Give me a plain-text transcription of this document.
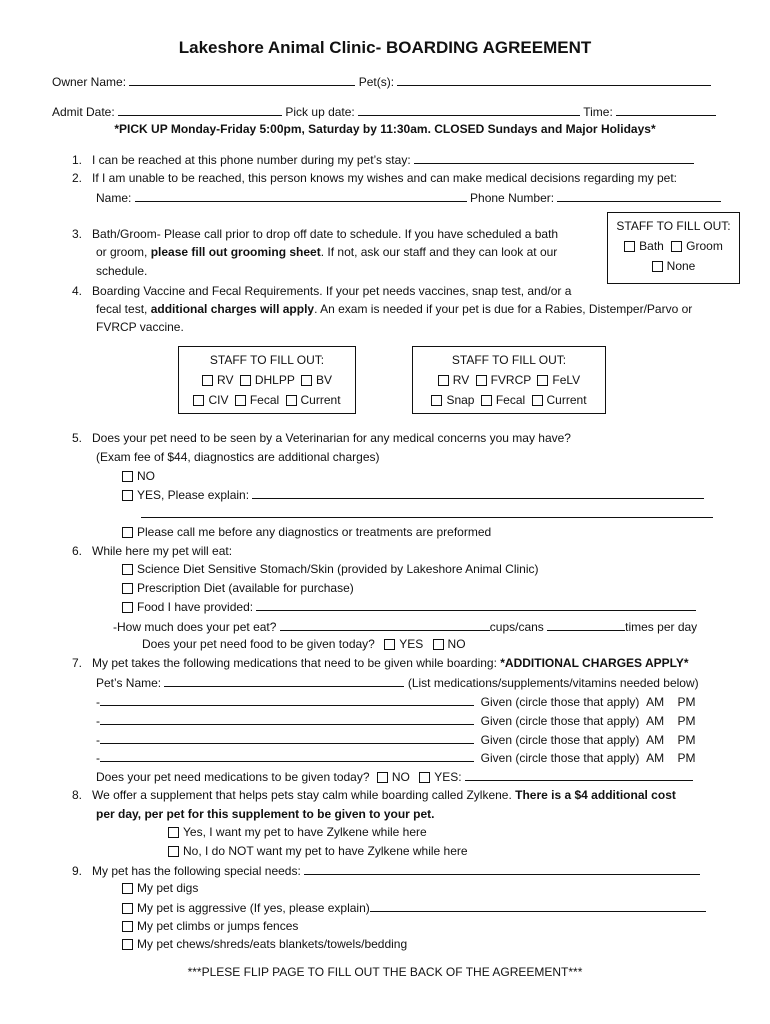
Lakeshore Animal Clinic- BOARDING AGREEMENT
Owner Name:	Pet(s):
Admit Date:	Pick up date:	Time:
*PICK UP Monday-Friday 5:00pm, Saturday by 11:30am. CLOSED Sundays and Major Holidays*
1. I can be reached at this phone number during my pet’s stay:
2. If I am unable to be reached, this person knows my wishes and can make medical decisions regarding my pet:
Name:	Phone Number:
3. Bath/Groom- Please call prior to drop off date to schedule. If you have scheduled a bath
or groom, please fill out grooming sheet. If not, ask our staff and they can look at our
schedule.
STAFF TO FILL OUT:
Bath Groom
None
4. Boarding Vaccine and Fecal Requirements. If your pet needs vaccines, snap test, and/or a
fecal test, additional charges will apply. An exam is needed if your pet is due for a Rabies, Distemper/Parvo or
FVRCP vaccine.
STAFF TO FILL OUT:
RV DHLPP BV
CIV Fecal Current
STAFF TO FILL OUT:
RV FVRCP FeLV
Snap Fecal Current
5. Does your pet need to be seen by a Veterinarian for any medical concerns you may have?
(Exam fee of $44, diagnostics are additional charges)
NO
YES, Please explain:
Please call me before any diagnostics or treatments are preformed
6. While here my pet will eat:
Science Diet Sensitive Stomach/Skin (provided by Lakeshore Animal Clinic)
Prescription Diet (available for purchase)
Food I have provided:
-How much does your pet eat?	cups/cans	times per day
Does your pet need food to be given today? YES NO
7. My pet takes the following medications that need to be given while boarding: *ADDITIONAL CHARGES APPLY*
Pet’s Name:	(List medications/supplements/vitamins needed below)
-	Given (circle those that apply) AM PM
-	Given (circle those that apply) AM PM
-	Given (circle those that apply) AM PM
-	Given (circle those that apply) AM PM
Does your pet need medications to be given today? NO YES:
8. We offer a supplement that helps pets stay calm while boarding called Zylkene. There is a $4 additional cost
per day, per pet for this supplement to be given to your pet.
Yes, I want my pet to have Zylkene while here
No, I do NOT want my pet to have Zylkene while here
9. My pet has the following special needs:
My pet digs
My pet is aggressive (If yes, please explain)
My pet climbs or jumps fences
My pet chews/shreds/eats blankets/towels/bedding
***PLESE FLIP PAGE TO FILL OUT THE BACK OF THE AGREEMENT***
